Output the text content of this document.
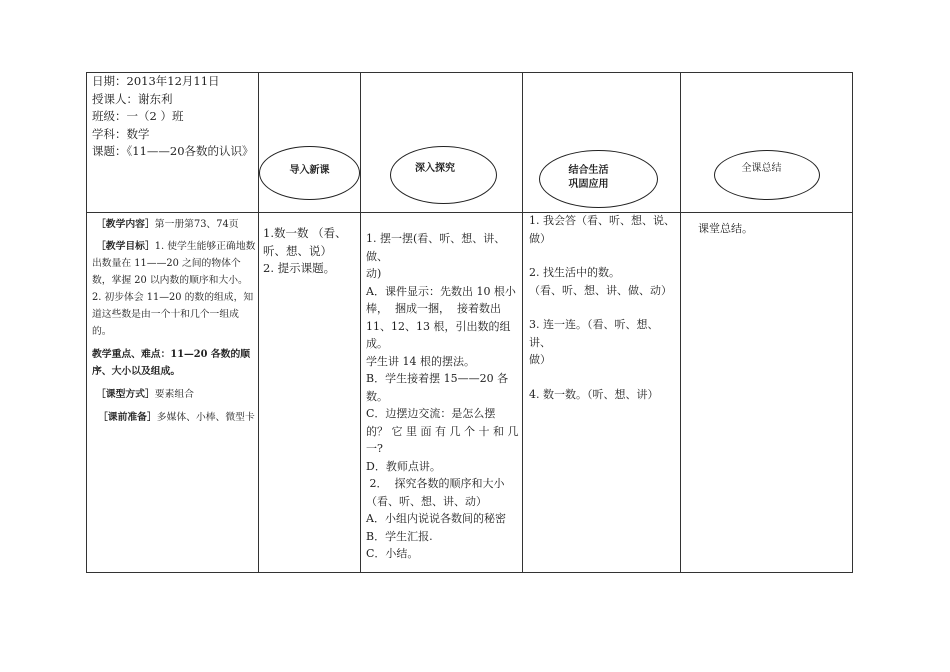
日期：2013年12月11日
授课人：谢东利
班级：一（2 ）班
学科：数学
课题：《11——20各数的认识》
导入新课	深入探究	结合生活
巩固应用
全课总结
［教学内容］第一册第73、74页
［教学目标］1. 使学生能够正确地数
出数量在 11——20 之间的物体个
数，掌握 20 以内数的顺序和大小。
2. 初步体会 11—20 的数的组成，知
道这些数是由一个十和几个一组成
的。
教学重点、难点：11—20 各数的顺
序、大小以及组成。
［课型方式］要素组合
［课前准备］多媒体、小棒、微型卡
1.数一数 （看、
听、想、说）
2. 提示课题。
1. 摆一摆(看、听、想、讲、做、
动)
A．课件显示：先数出 10 根小
棒，  捆成一捆，  接着数出
11、12、13 根，引出数的组成。
学生讲 14 根的摆法。
B．学生接着摆 15——20 各
数。
C．边摆边交流：是怎么摆
的？ 它 里 面 有 几 个 十 和 几
一?
D．教师点讲。
2．  探究各数的顺序和大小
（看、听、想、讲、动）
A．小组内说说各数间的秘密
B．学生汇报.
C．小结。
1. 我会答（看、听、想、说、
做）
2. 找生活中的数。
（看、听、想、讲、做、动）
3. 连一连。（看、听、想、讲、
做）
4. 数一数。（听、想、讲）
课堂总结。
